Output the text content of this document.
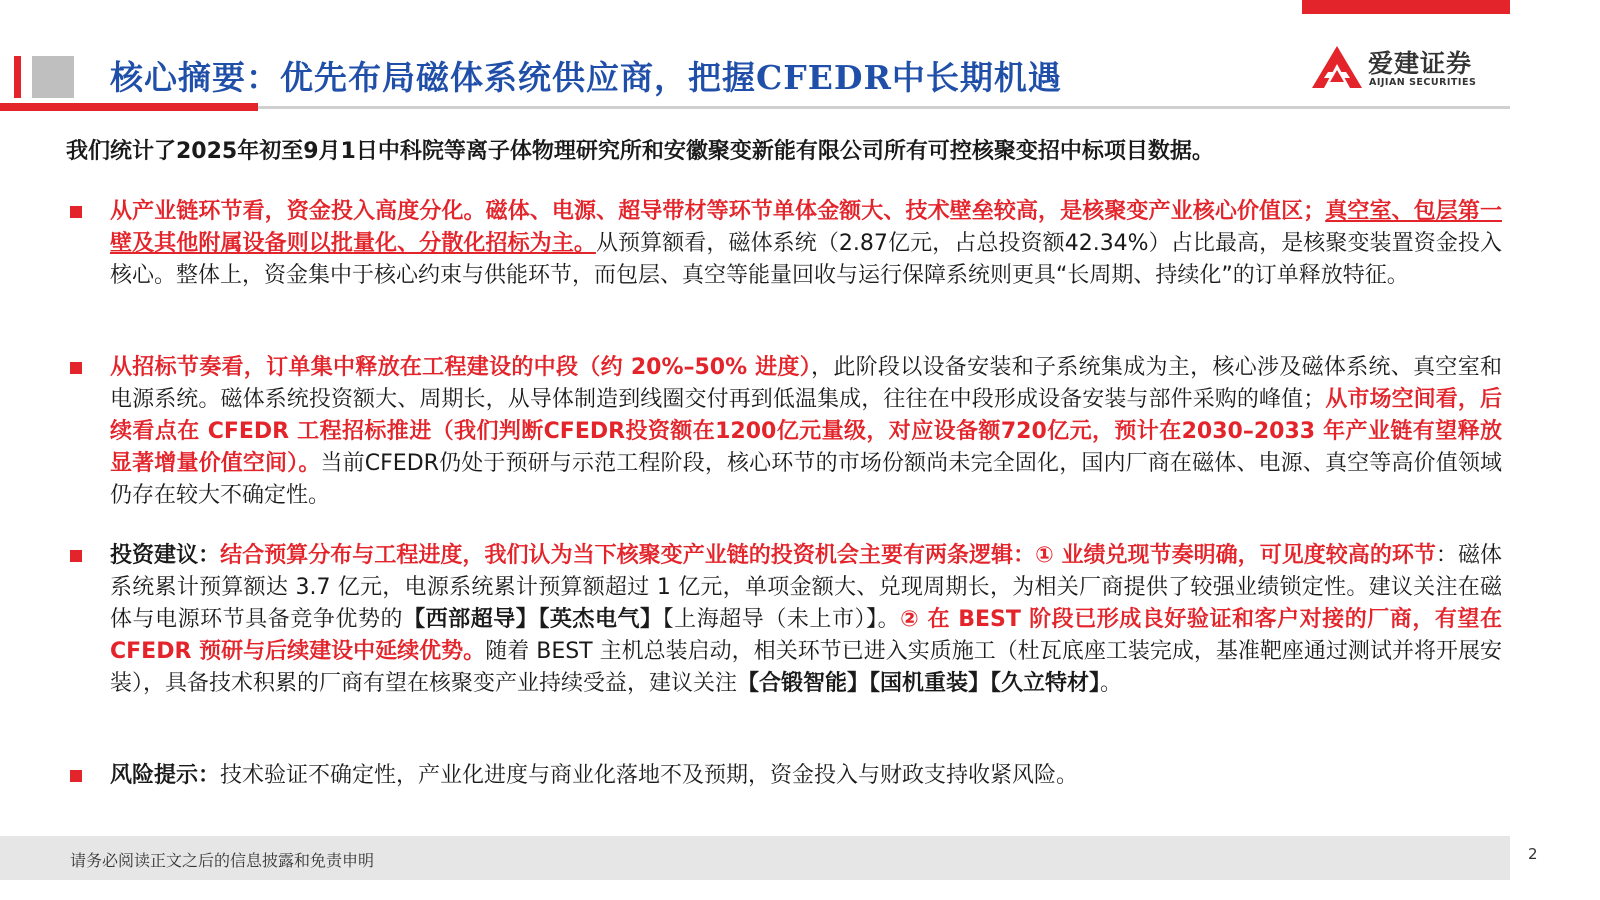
核心摘要：优先布局磁体系统供应商，把握CFEDR中长期机遇	爱建证券
AIJIAN SECURITIES
我们统计了2025年初至9月1日中科院等离子体物理研究所和安徽聚变新能有限公司所有可控核聚变招中标项目数据。
从产业链环节看，资金投入高度分化。磁体、电源、超导带材等环节单体金额大、技术壁垒较高，是核聚变产业核心价值区；真空室、包层第一壁及其他附属设备则以批量化、分散化招标为主。从预算额看，磁体系统（2.87亿元，占总投资额42.34%）占比最高，是核聚变装置资金投入核心。整体上，资金集中于核心约束与供能环节，而包层、真空等能量回收与运行保障系统则更具“长周期、持续化”的订单释放特征。
从招标节奏看，订单集中释放在工程建设的中段（约 20%–50% 进度），此阶段以设备安装和子系统集成为主，核心涉及磁体系统、真空室和电源系统。磁体系统投资额大、周期长，从导体制造到线圈交付再到低温集成，往往在中段形成设备安装与部件采购的峰值；从市场空间看，后续看点在 CFEDR 工程招标推进（我们判断CFEDR投资额在1200亿元量级，对应设备额720亿元，预计在2030–2033 年产业链有望释放显著增量价值空间）。当前CFEDR仍处于预研与示范工程阶段，核心环节的市场份额尚未完全固化，国内厂商在磁体、电源、真空等高价值领域仍存在较大不确定性。
投资建议：结合预算分布与工程进度，我们认为当下核聚变产业链的投资机会主要有两条逻辑：① 业绩兑现节奏明确，可见度较高的环节：磁体系统累计预算额达 3.7 亿元，电源系统累计预算额超过 1 亿元，单项金额大、兑现周期长，为相关厂商提供了较强业绩锁定性。建议关注在磁体与电源环节具备竞争优势的【西部超导】【英杰电气】【上海超导（未上市）】。② 在 BEST 阶段已形成良好验证和客户对接的厂商，有望在 CFEDR 预研与后续建设中延续优势。随着 BEST 主机总装启动，相关环节已进入实质施工（杜瓦底座工装完成，基准靶座通过测试并将开展安装），具备技术积累的厂商有望在核聚变产业持续受益，建议关注【合锻智能】【国机重装】【久立特材】。
风险提示：技术验证不确定性，产业化进度与商业化落地不及预期，资金投入与财政支持收紧风险。
请务必阅读正文之后的信息披露和免责申明	2
